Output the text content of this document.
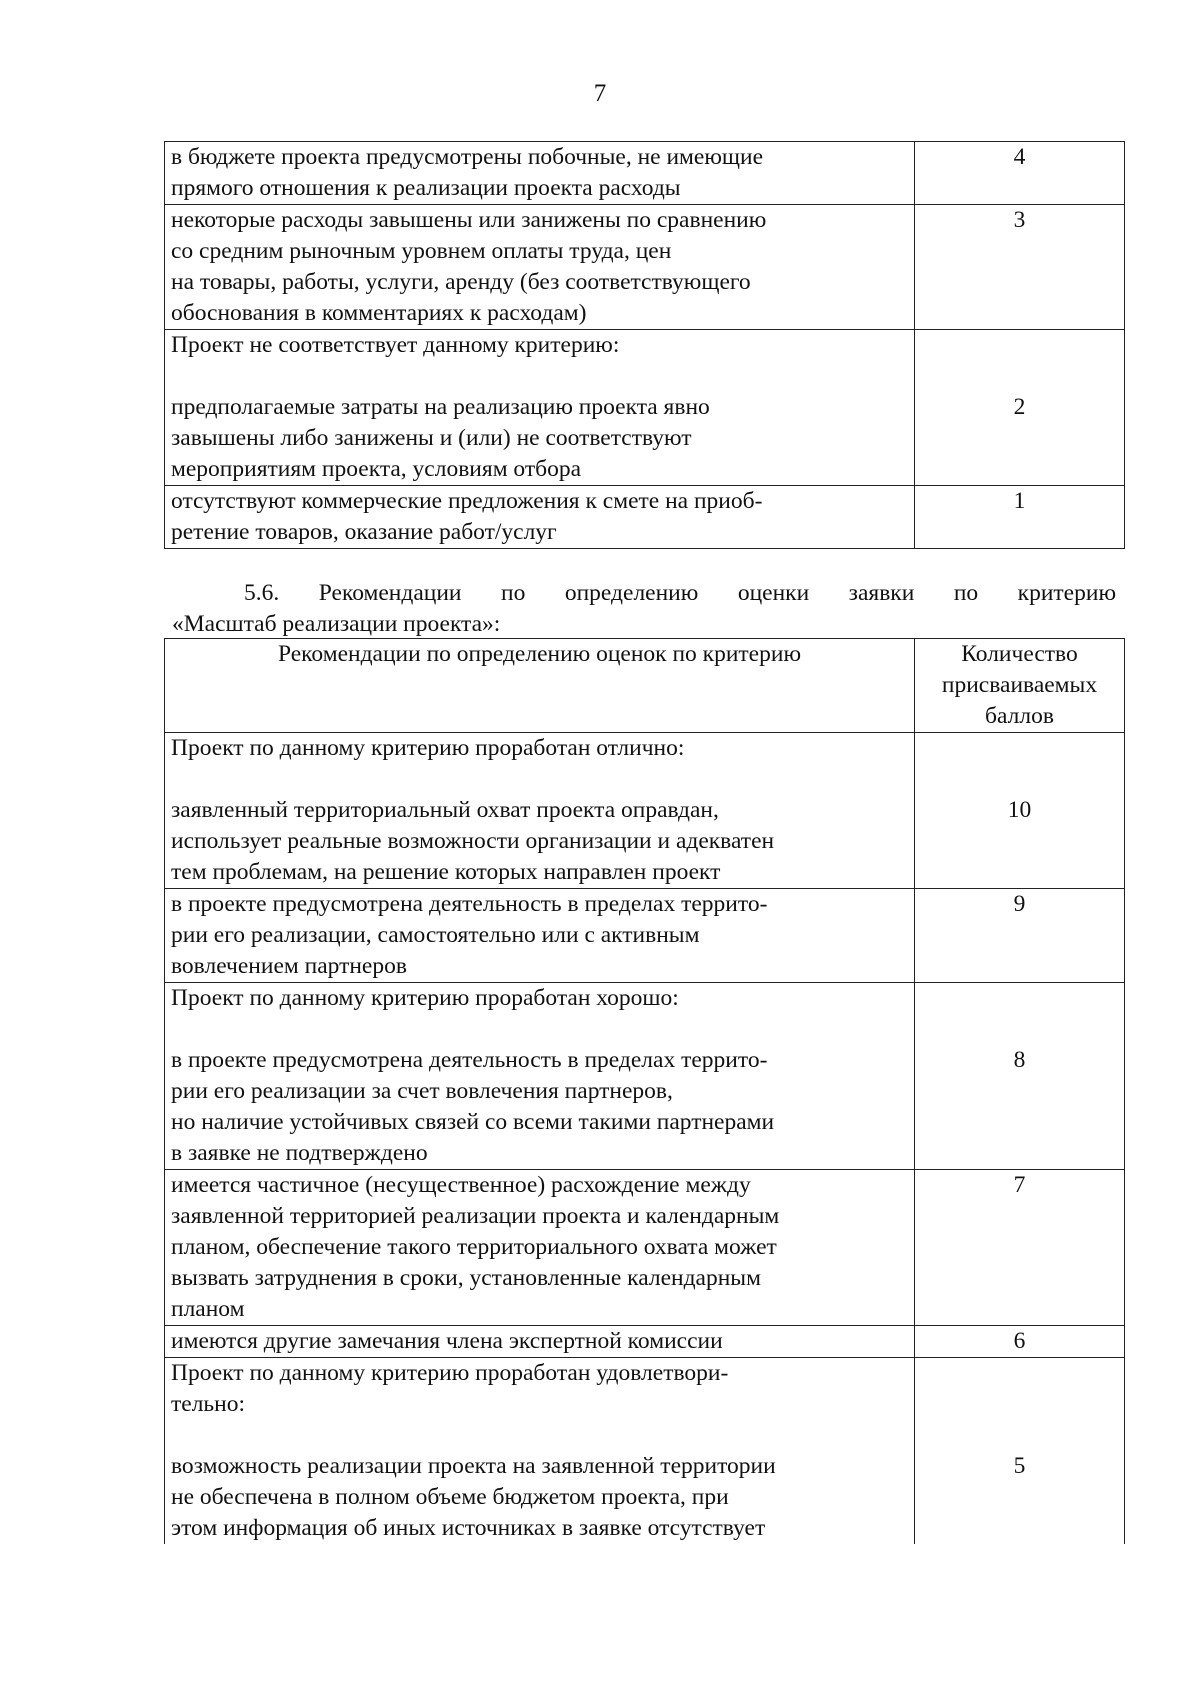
7
в бюджете проекта предусмотрены побочные, не имеющие
прямого отношения к реализации проекта расходы	4
некоторые расходы завышены или занижены по сравнению
со средним рыночным уровнем оплаты труда, цен
на товары, работы, услуги, аренду (без соответствующего
обоснования в комментариях к расходам)	3
Проект не соответствует данному критерию:

предполагаемые затраты на реализацию проекта явно
завышены либо занижены и (или) не соответствуют
мероприятиям проекта, условиям отбора	2
отсутствуют коммерческие предложения к смете на приоб-
ретение товаров, оказание работ/услуг	1
5.6. Рекомендации по определению оценки заявки по критерию
«Масштаб реализации проекта»:
Рекомендации по определению оценок по критерию	Количество
присваиваемых
баллов
Проект по данному критерию проработан отлично:

заявленный территориальный охват проекта оправдан,
использует реальные возможности организации и адекватен
тем проблемам, на решение которых направлен проект	10
в проекте предусмотрена деятельность в пределах террито-
рии его реализации, самостоятельно или с активным
вовлечением партнеров	9
Проект по данному критерию проработан хорошо:

в проекте предусмотрена деятельность в пределах террито-
рии его реализации за счет вовлечения партнеров,
но наличие устойчивых связей со всеми такими партнерами
в заявке не подтверждено	8
имеется частичное (несущественное) расхождение между
заявленной территорией реализации проекта и календарным
планом, обеспечение такого территориального охвата может
вызвать затруднения в сроки, установленные календарным
планом	7
имеются другие замечания члена экспертной комиссии	6
Проект по данному критерию проработан удовлетвори-
тельно:

возможность реализации проекта на заявленной территории
не обеспечена в полном объеме бюджетом проекта, при
этом информация об иных источниках в заявке отсутствует	5
